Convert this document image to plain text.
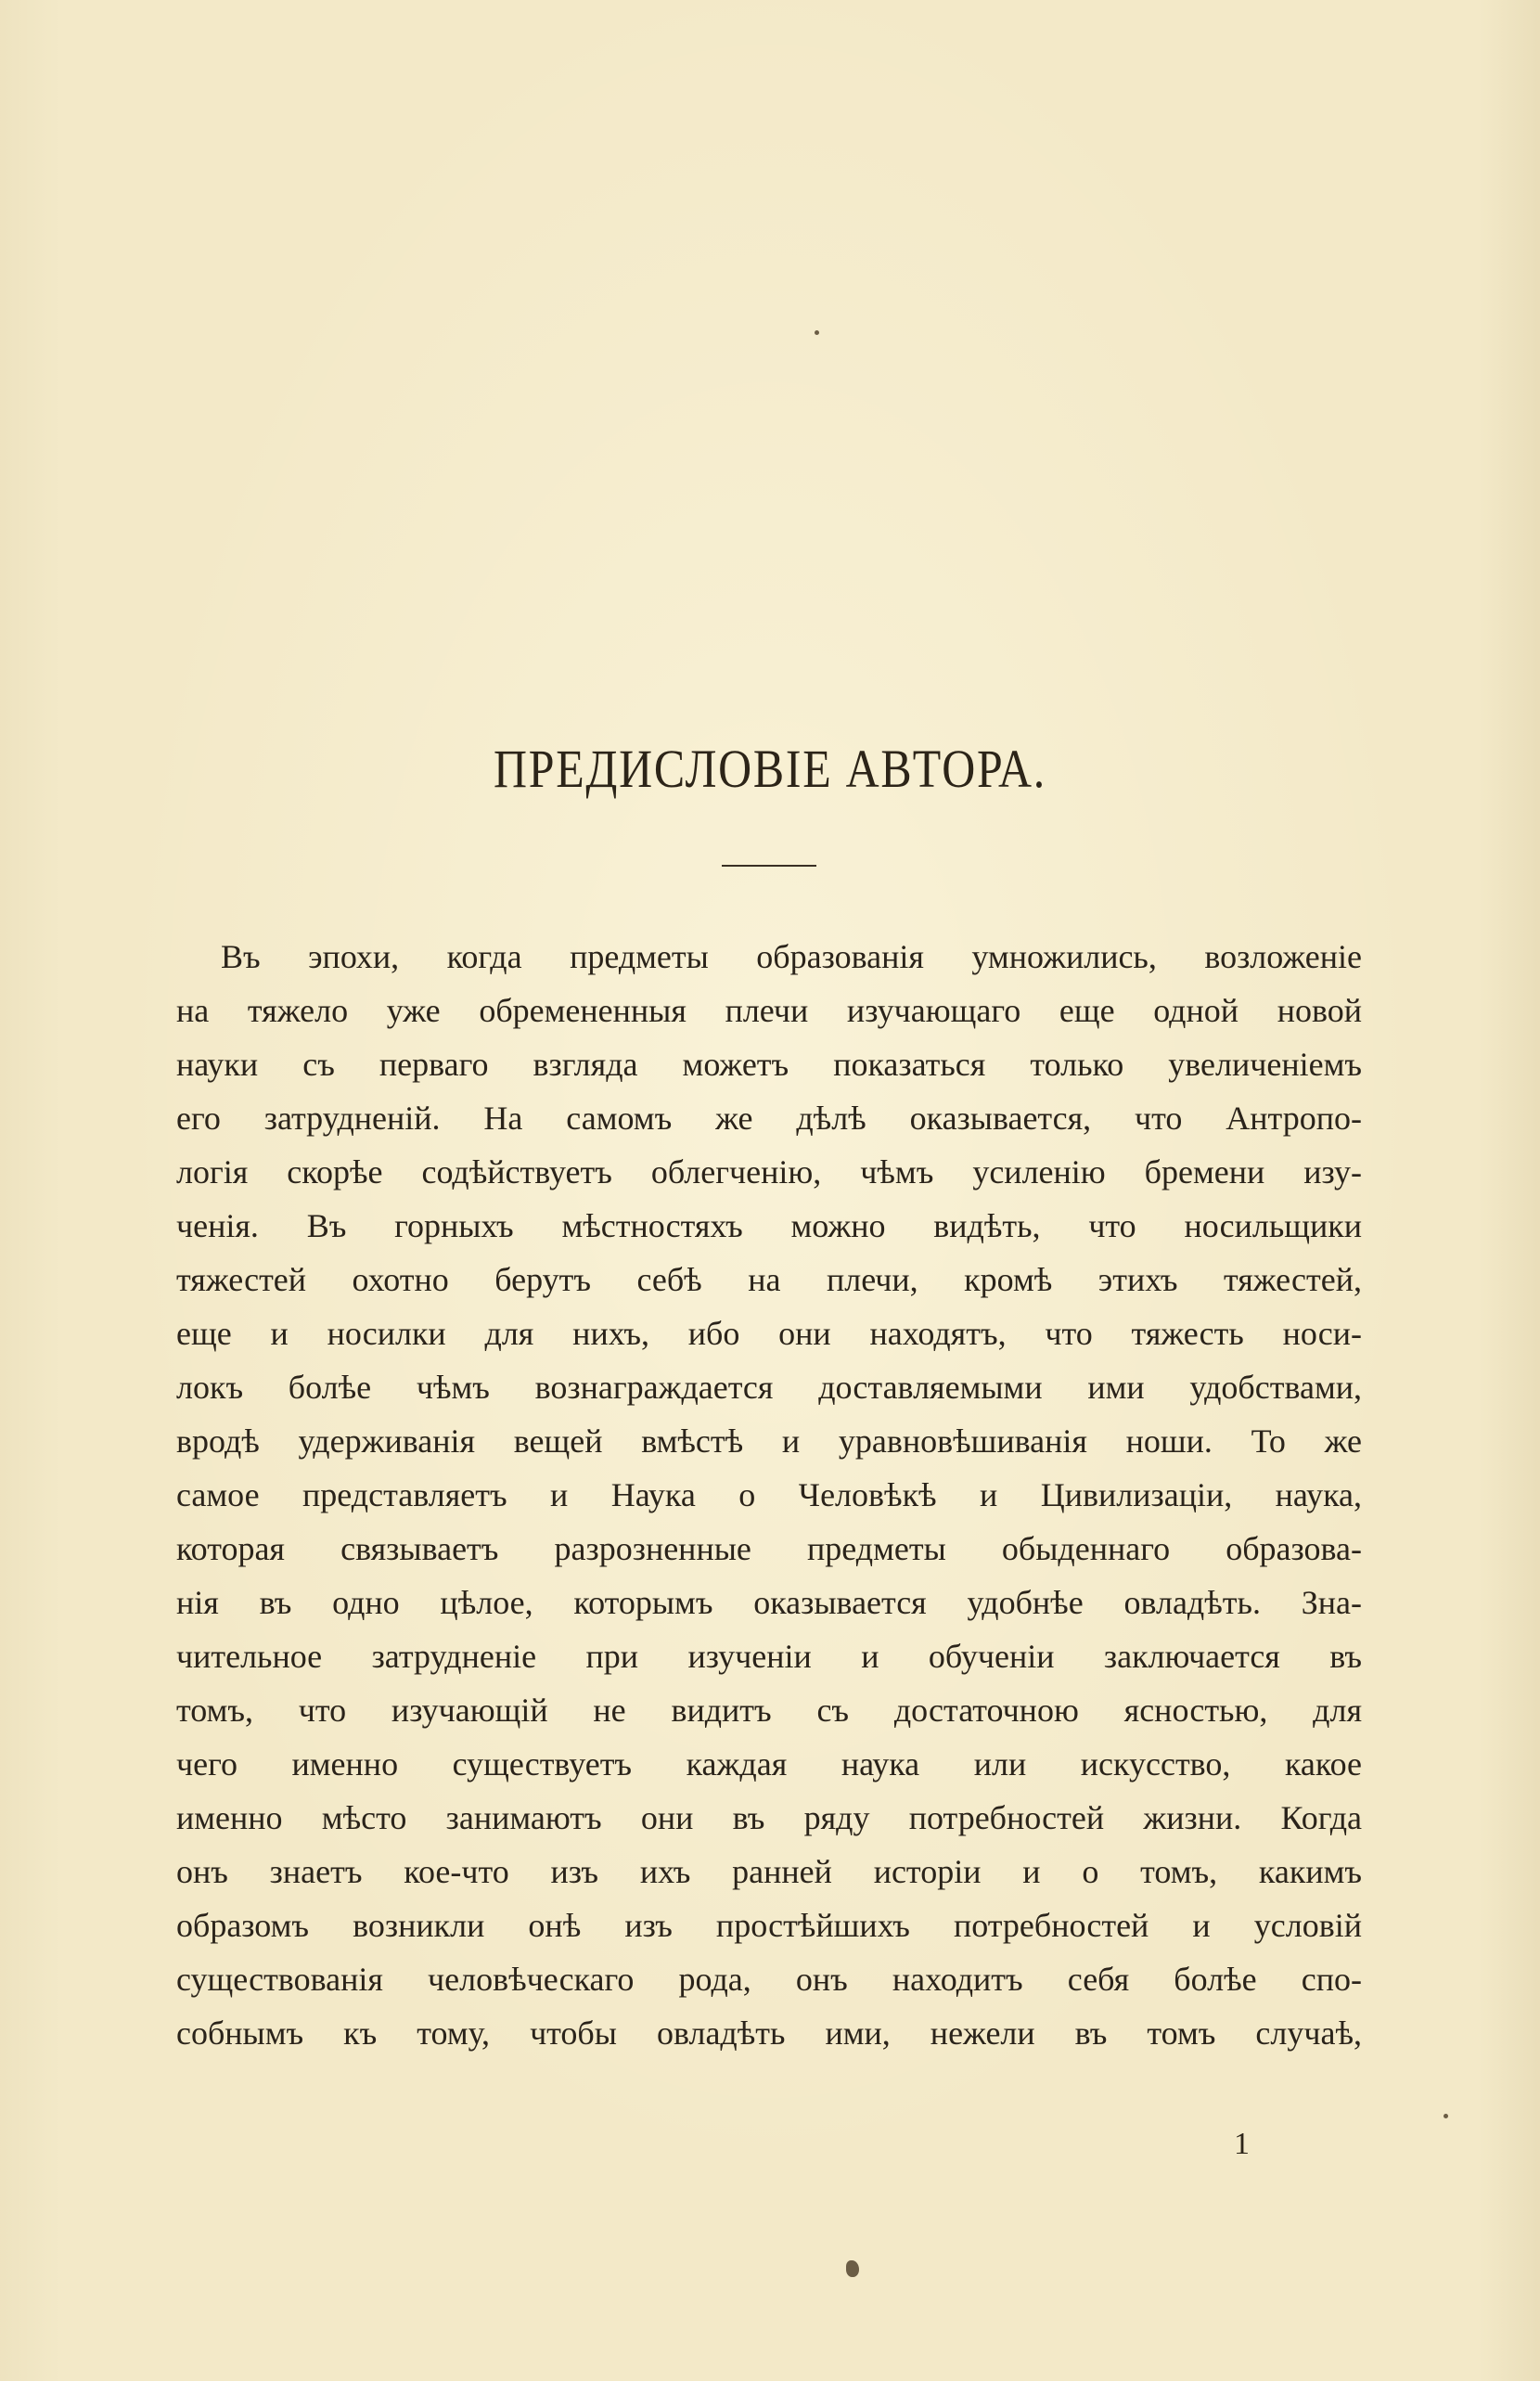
ПРЕДИСЛОВІЕ АВТОРА.
Въ эпохи, когда предметы образованія умножились, возложеніе
на тяжело уже обремененныя плечи изучающаго еще одной новой
науки съ перваго взгляда можетъ показаться только увеличеніемъ
его затрудненій. На самомъ же дѣлѣ оказывается, что Антропо-
логія скорѣе содѣйствуетъ облегченію, чѣмъ усиленію бремени изу-
ченія. Въ горныхъ мѣстностяхъ можно видѣть, что носильщики
тяжестей охотно берутъ себѣ на плечи, кромѣ этихъ тяжестей,
еще и носилки для нихъ, ибо они находятъ, что тяжесть носи-
локъ болѣе чѣмъ вознаграждается доставляемыми ими удобствами,
вродѣ удерживанія вещей вмѣстѣ и уравновѣшиванія ноши. То же
самое представляетъ и Наука о Человѣкѣ и Цивилизаціи, наука,
которая связываетъ разрозненные предметы обыденнаго образова-
нія въ одно цѣлое, которымъ оказывается удобнѣе овладѣть. Зна-
чительное затрудненіе при изученіи и обученіи заключается въ
томъ, что изучающій не видитъ съ достаточною ясностью, для
чего именно существуетъ каждая наука или искусство, какое
именно мѣсто занимаютъ они въ ряду потребностей жизни. Когда
онъ знаетъ кое-что изъ ихъ ранней исторіи и о томъ, какимъ
образомъ возникли онѣ изъ простѣйшихъ потребностей и условій
существованія человѣческаго рода, онъ находитъ себя болѣе спо-
собнымъ къ тому, чтобы овладѣть ими, нежели въ томъ случаѣ,
1
